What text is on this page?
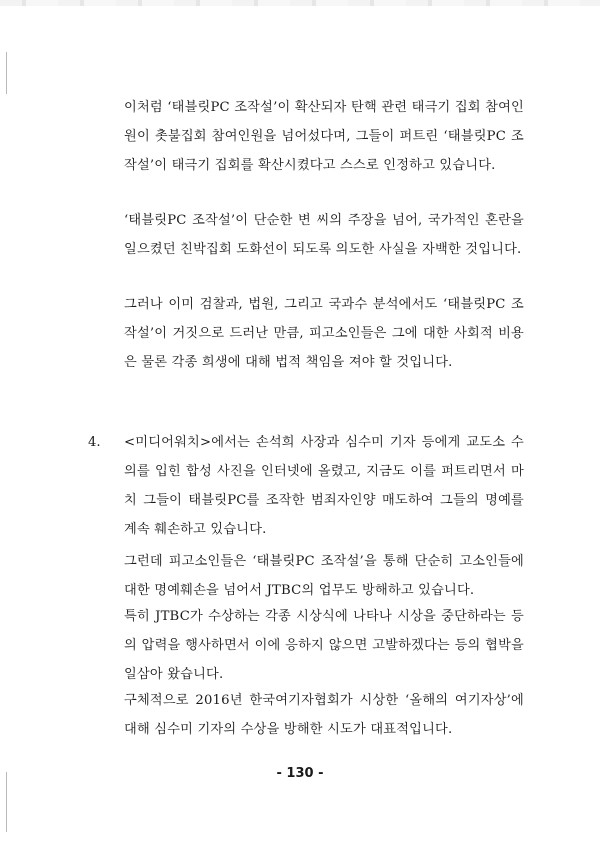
이처럼 ‘태블릿PC 조작설’이 확산되자 탄핵 관련 태극기 집회 참여인원이 촛불집회 참여인원을 넘어섰다며, 그들이 퍼트린 ‘태블릿PC 조작설’이 태극기 집회를 확산시켰다고 스스로 인정하고 있습니다.

‘태블릿PC 조작설’이 단순한 변 씨의 주장을 넘어, 국가적인 혼란을 일으켰던 친박집회 도화선이 되도록 의도한 사실을 자백한 것입니다.

그러나 이미 검찰과, 법원, 그리고 국과수 분석에서도 ‘태블릿PC 조작설’이 거짓으로 드러난 만큼, 피고소인들은 그에 대한 사회적 비용은 물론 각종 희생에 대해 법적 책임을 져야 할 것입니다.

4. <미디어워치>에서는 손석희 사장과 심수미 기자 등에게 교도소 수의를 입힌 합성 사진을 인터넷에 올렸고, 지금도 이를 퍼트리면서 마치 그들이 태블릿PC를 조작한 범죄자인양 매도하여 그들의 명예를 계속 훼손하고 있습니다.

그런데 피고소인들은 ‘태블릿PC 조작설’을 통해 단순히 고소인들에 대한 명예훼손을 넘어서 JTBC의 업무도 방해하고 있습니다.

특히 JTBC가 수상하는 각종 시상식에 나타나 시상을 중단하라는 등의 압력을 행사하면서 이에 응하지 않으면 고발하겠다는 등의 협박을 일삼아 왔습니다.

구체적으로 2016년 한국여기자협회가 시상한 ‘올해의 여기자상’에 대해 심수미 기자의 수상을 방해한 시도가 대표적입니다.

- 130 -
